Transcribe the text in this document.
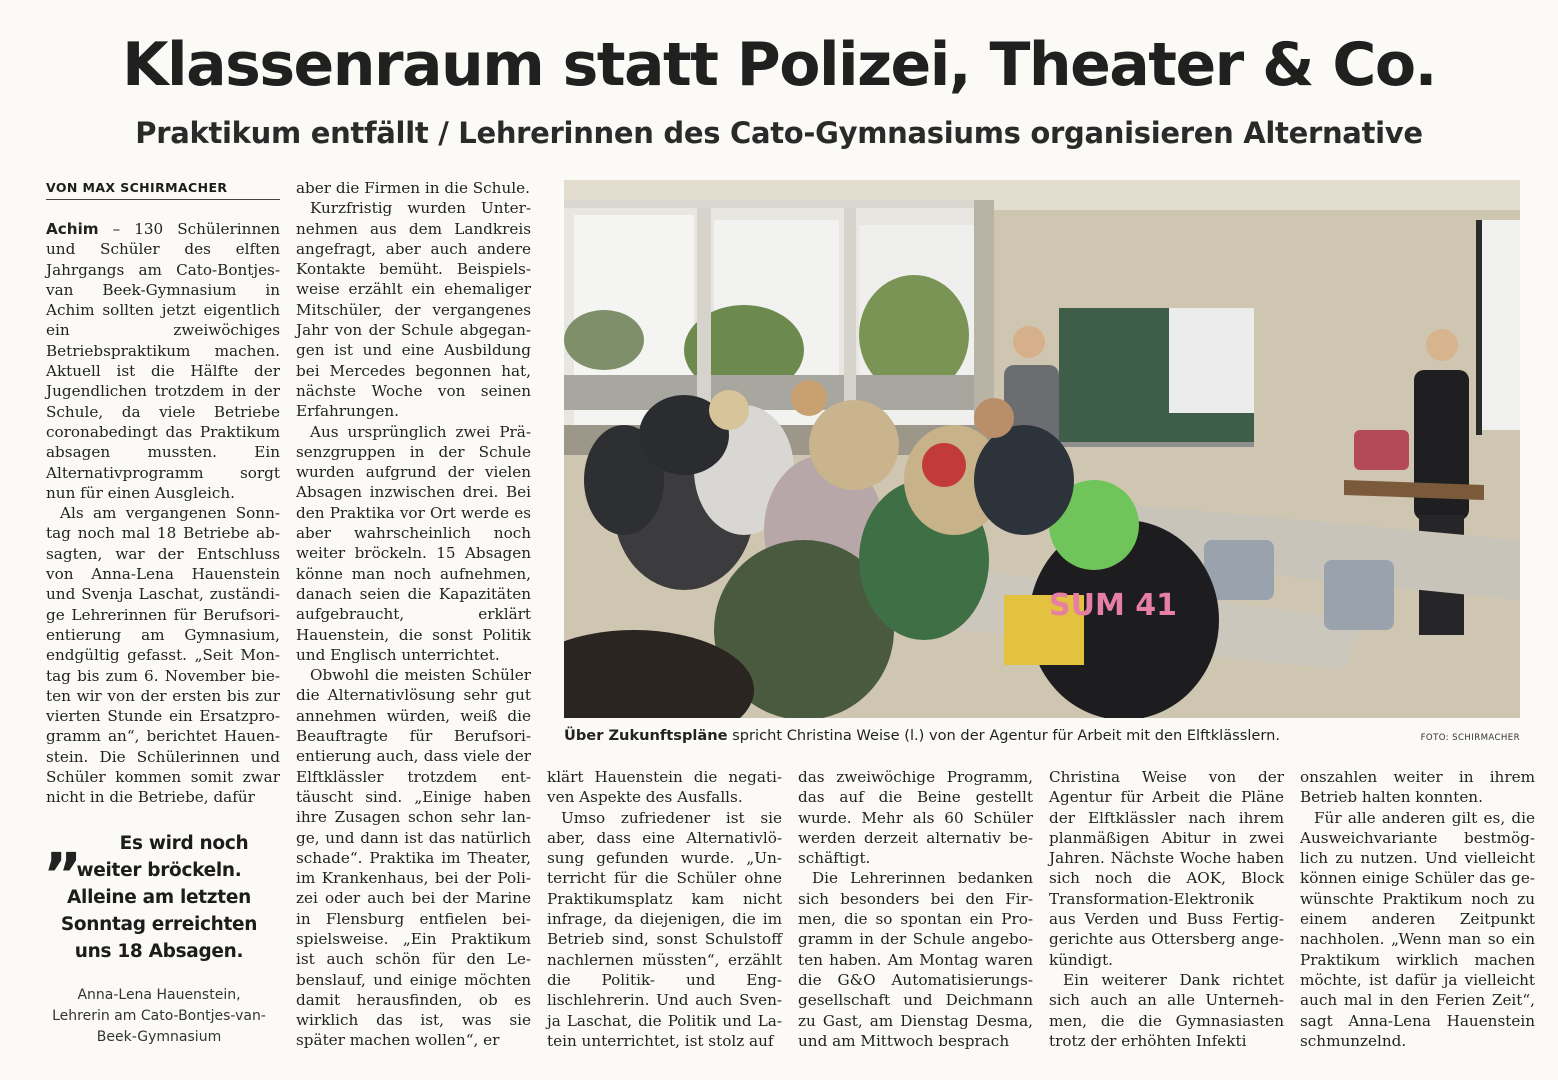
Klassenraum statt Polizei, Theater & Co.
Praktikum entfällt / Lehrerinnen des Cato-Gymnasiums organisieren Alternative
VON MAX SCHIRMACHER

Achim – 130 Schülerinnen und Schüler des elften Jahrgangs am Cato-Bontjes-van Beek-Gymnasium in Achim sollten jetzt eigentlich ein zweiwöchiges Betriebspraktikum machen. Aktuell ist die Hälfte der Jugendlichen trotzdem in der Schule, da viele Betriebe coronabedingt das Praktikum absagen mussten. Ein Alternativprogramm sorgt nun für einen Ausgleich.

Als am vergangenen Sonntag noch mal 18 Betriebe absagten, war der Entschluss von Anna-Lena Hauenstein und Svenja Laschat, zuständige Lehrerinnen für Berufsorientierung am Gymnasium, endgültig gefasst. „Seit Montag bis zum 6. November bieten wir von der ersten bis zur vierten Stunde ein Ersatzprogramm an“, berichtet Hauenstein. Die Schülerinnen und Schüler kommen somit zwar nicht in die Betriebe, dafür

„	Es wird noch weiter bröckeln. Alleine am letzten Sonntag erreichten uns 18 Absagen.

Anna-Lena Hauenstein,
Lehrerin am Cato-Bontjes-van-
Beek-Gymnasium

aber die Firmen in die Schule.

Kurzfristig wurden Unternehmen aus dem Landkreis angefragt, aber auch andere Kontakte bemüht. Beispielsweise erzählt ein ehemaliger Mitschüler, der vergangenes Jahr von der Schule abgegangen ist und eine Ausbildung bei Mercedes begonnen hat, nächste Woche von seinen Erfahrungen.

Aus ursprünglich zwei Präsenzgruppen in der Schule wurden aufgrund der vielen Absagen inzwischen drei. Bei den Praktika vor Ort werde es aber wahrscheinlich noch weiter bröckeln. 15 Absagen könne man noch aufnehmen, danach seien die Kapazitäten aufgebraucht, erklärt Hauenstein, die sonst Politik und Englisch unterrichtet.

Obwohl die meisten Schüler die Alternativlösung sehr gut annehmen würden, weiß die Beauftragte für Berufsorientierung auch, dass viele der Elftklässler trotzdem enttäuscht sind. „Einige haben ihre Zusagen schon sehr lange, und dann ist das natürlich schade“. Praktika im Theater, im Krankenhaus, bei der Polizei oder auch bei der Marine in Flensburg entfielen beispielsweise. „Ein Praktikum ist auch schön für den Lebenslauf, und einige möchten damit herausfinden, ob es wirklich das ist, was sie später machen wollen“, er

SUM 41
Über Zukunftspläne spricht Christina Weise (l.) von der Agentur für Arbeit mit den Elftklässlern.	FOTO: SCHIRMACHER

klärt Hauenstein die negativen Aspekte des Ausfalls.

Umso zufriedener ist sie aber, dass eine Alternativlösung gefunden wurde. „Unterricht für die Schüler ohne Praktikumsplatz kam nicht infrage, da diejenigen, die im Betrieb sind, sonst Schulstoff nachlernen müssten“, erzählt die Politik- und Englischlehrerin. Und auch Svenja Laschat, die Politik und Latein unterrichtet, ist stolz auf

das zweiwöchige Programm, das auf die Beine gestellt wurde. Mehr als 60 Schüler werden derzeit alternativ beschäftigt.

Die Lehrerinnen bedanken sich besonders bei den Firmen, die so spontan ein Programm in der Schule angeboten haben. Am Montag waren die G&O Automatisierungsgesellschaft und Deichmann zu Gast, am Dienstag Desma, und am Mittwoch besprach

Christina Weise von der Agentur für Arbeit die Pläne der Elftklässler nach ihrem planmäßigen Abitur in zwei Jahren. Nächste Woche haben sich noch die AOK, Block Transformation-Elektronik aus Verden und Buss Fertiggerichte aus Ottersberg angekündigt.

Ein weiterer Dank richtet sich auch an alle Unternehmen, die die Gymnasiasten trotz der erhöhten Infekti

onszahlen weiter in ihrem Betrieb halten konnten.

Für alle anderen gilt es, die Ausweichvariante bestmöglich zu nutzen. Und vielleicht können einige Schüler das gewünschte Praktikum noch zu einem anderen Zeitpunkt nachholen. „Wenn man so ein Praktikum wirklich machen möchte, ist dafür ja vielleicht auch mal in den Ferien Zeit“, sagt Anna-Lena Hauenstein schmunzelnd.
